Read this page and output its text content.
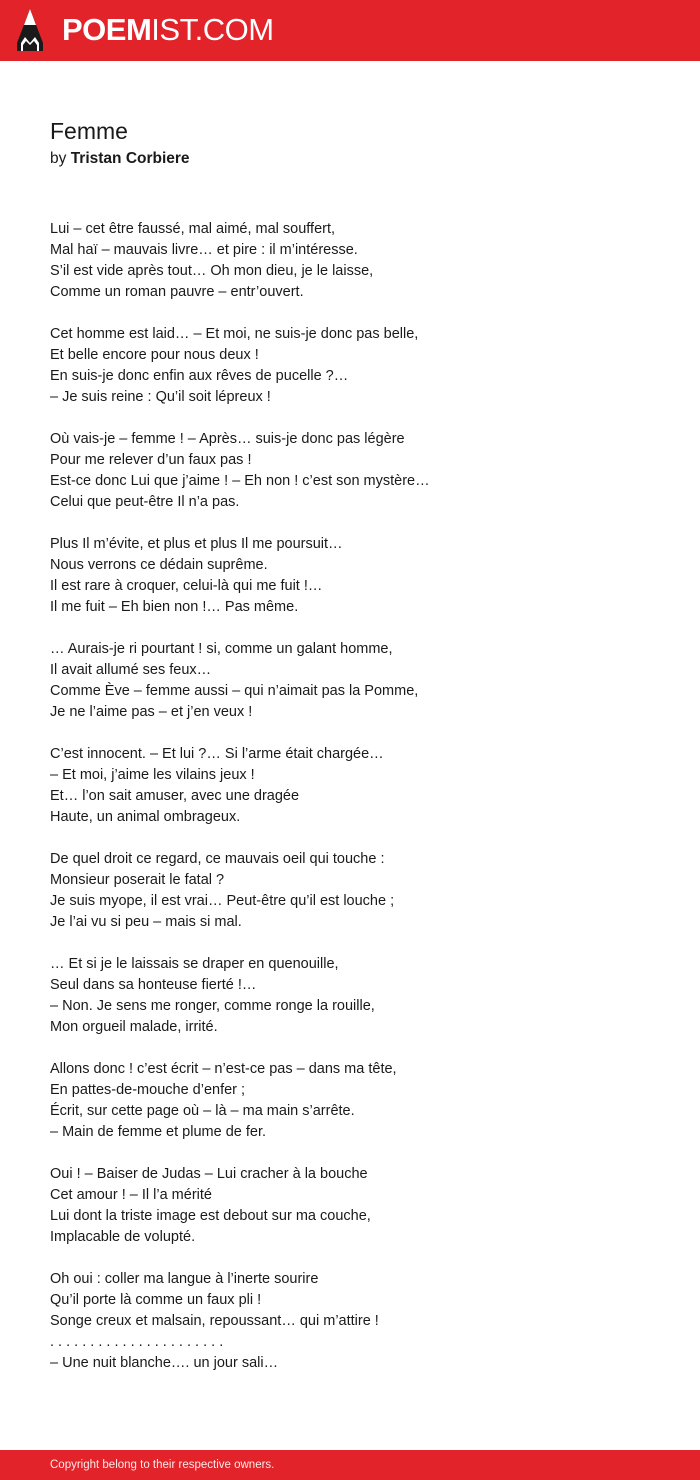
POEMIST.COM
Femme
by Tristan Corbiere
Lui – cet être faussé, mal aimé, mal souffert,
Mal haï – mauvais livre… et pire : il m’intéresse.
S’il est vide après tout… Oh mon dieu, je le laisse,
Comme un roman pauvre – entr’ouvert.
Cet homme est laid… – Et moi, ne suis-je donc pas belle,
Et belle encore pour nous deux !
En suis-je donc enfin aux rêves de pucelle ?…
– Je suis reine : Qu’il soit lépreux !
Où vais-je – femme ! – Après… suis-je donc pas légère
Pour me relever d’un faux pas !
Est-ce donc Lui que j’aime ! – Eh non ! c’est son mystère…
Celui que peut-être Il n’a pas.
Plus Il m’évite, et plus et plus Il me poursuit…
Nous verrons ce dédain suprême.
Il est rare à croquer, celui-là qui me fuit !…
Il me fuit – Eh bien non !… Pas même.
… Aurais-je ri pourtant ! si, comme un galant homme,
Il avait allumé ses feux…
Comme Ève – femme aussi – qui n’aimait pas la Pomme,
Je ne l’aime pas – et j’en veux !
C’est innocent. – Et lui ?… Si l’arme était chargée…
– Et moi, j’aime les vilains jeux !
Et… l’on sait amuser, avec une dragée
Haute, un animal ombrageux.
De quel droit ce regard, ce mauvais oeil qui touche :
Monsieur poserait le fatal ?
Je suis myope, il est vrai… Peut-être qu’il est louche ;
Je l’ai vu si peu – mais si mal.
… Et si je le laissais se draper en quenouille,
Seul dans sa honteuse fierté !…
– Non. Je sens me ronger, comme ronge la rouille,
Mon orgueil malade, irrité.
Allons donc ! c’est écrit – n’est-ce pas – dans ma tête,
En pattes-de-mouche d’enfer ;
Écrit, sur cette page où – là – ma main s’arrête.
– Main de femme et plume de fer.
Oui ! – Baiser de Judas – Lui cracher à la bouche
Cet amour ! – Il l’a mérité
Lui dont la triste image est debout sur ma couche,
Implacable de volupté.
Oh oui : coller ma langue à l’inerte sourire
Qu’il porte là comme un faux pli !
Songe creux et malsain, repoussant… qui m’attire !
. . . . . . . . . . . . . . . . . . . . . .
– Une nuit blanche…. un jour sali…
Copyright belong to their respective owners.
